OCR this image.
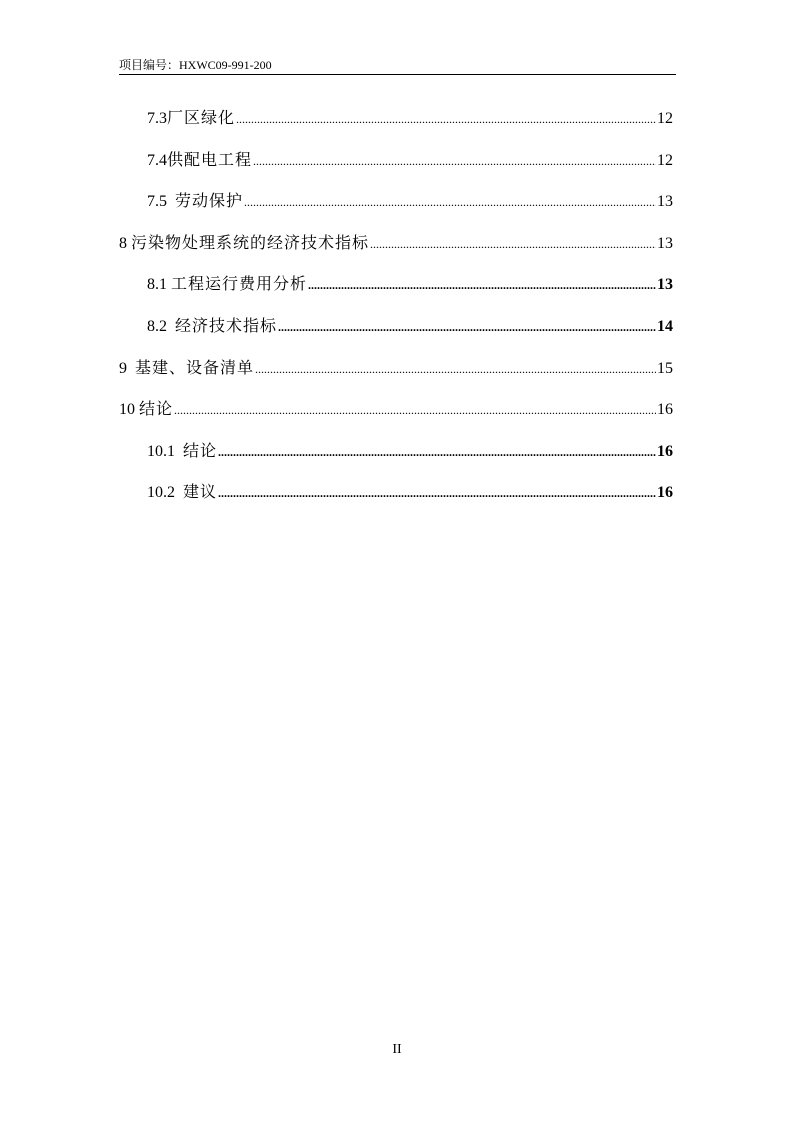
项目编号：HXWC09-991-200
7.3 厂区绿化 .....	12
7.4 供配电工程 .....	12
7.5 劳动保护 .....	13
8 污染物处理系统的经济技术指标 .....	13
8.1 工程运行费用分析 .....	13
8.2 经济技术指标 .....	14
9 基建、设备清单 .....	15
10 结论 .....	16
10.1 结论 .....	16
10.2 建议 .....	16
II
